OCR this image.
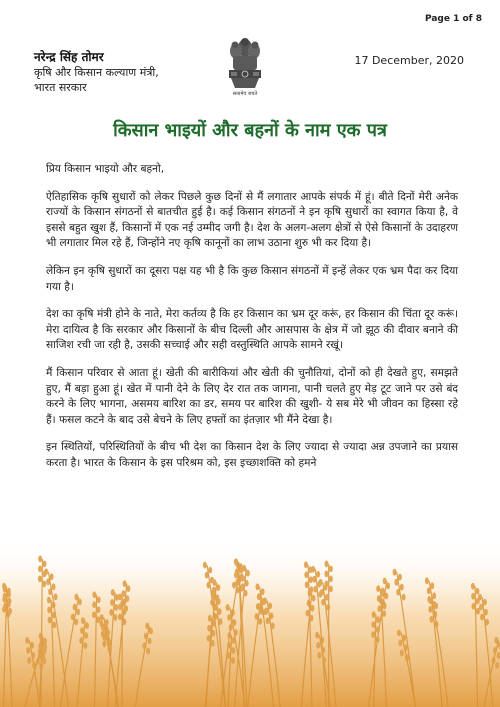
Page 1 of 8
नरेन्द्र सिंह तोमर
कृषि और किसान कल्याण मंत्री,
भारत सरकार	सत्यमेव जयते
17 December, 2020
किसान भाइयों और बहनों के नाम एक पत्र

प्रिय किसान भाइयो और बहनो,

ऐतिहासिक कृषि सुधारों को लेकर पिछले कुछ दिनों से मैं लगातार आपके संपर्क में हूं। बीते दिनों मेरी अनेक राज्यों के किसान संगठनों से बातचीत हुई है। कई किसान संगठनों ने इन कृषि सुधारों का स्वागत किया है, वे इससे बहुत खुश हैं, किसानों में एक नई उम्मीद जगी है। देश के अलग-अलग क्षेत्रों से ऐसे किसानों के उदाहरण भी लगातार मिल रहे हैं, जिन्होंने नए कृषि कानूनों का लाभ उठाना शुरु भी कर दिया है।

लेकिन इन कृषि सुधारों का दूसरा पक्ष यह भी है कि कुछ किसान संगठनों में इन्हें लेकर एक भ्रम पैदा कर दिया गया है।

देश का कृषि मंत्री होने के नाते, मेरा कर्तव्य है कि हर किसान का भ्रम दूर करूं, हर किसान की चिंता दूर करूं। मेरा दायित्व है कि सरकार और किसानों के बीच दिल्ली और आसपास के क्षेत्र में जो झूठ की दीवार बनाने की साजिश रची जा रही है, उसकी सच्चाई और सही वस्तुस्थिति आपके सामने रखूं।

मैं किसान परिवार से आता हूं। खेती की बारीकियां और खेती की चुनौतियां, दोनों को ही देखते हुए, समझते हुए, मैं बड़ा हुआ हूं। खेत में पानी देने के लिए देर रात तक जागना, पानी चलते हुए मेड़ टूट जाने पर उसे बंद करने के लिए भागना, असमय बारिश का डर, समय पर बारिश की खुशी- ये सब मेरे भी जीवन का हिस्सा रहे हैं। फसल कटने के बाद उसे बेचने के लिए हफ्तों का इंतज़ार भी मैंने देखा है।

इन स्थितियों, परिस्थितियों के बीच भी देश का किसान देश के लिए ज्यादा से ज्यादा अन्न उपजाने का प्रयास करता है। भारत के किसान के इस परिश्रम को, इस इच्छाशक्ति को हमने
